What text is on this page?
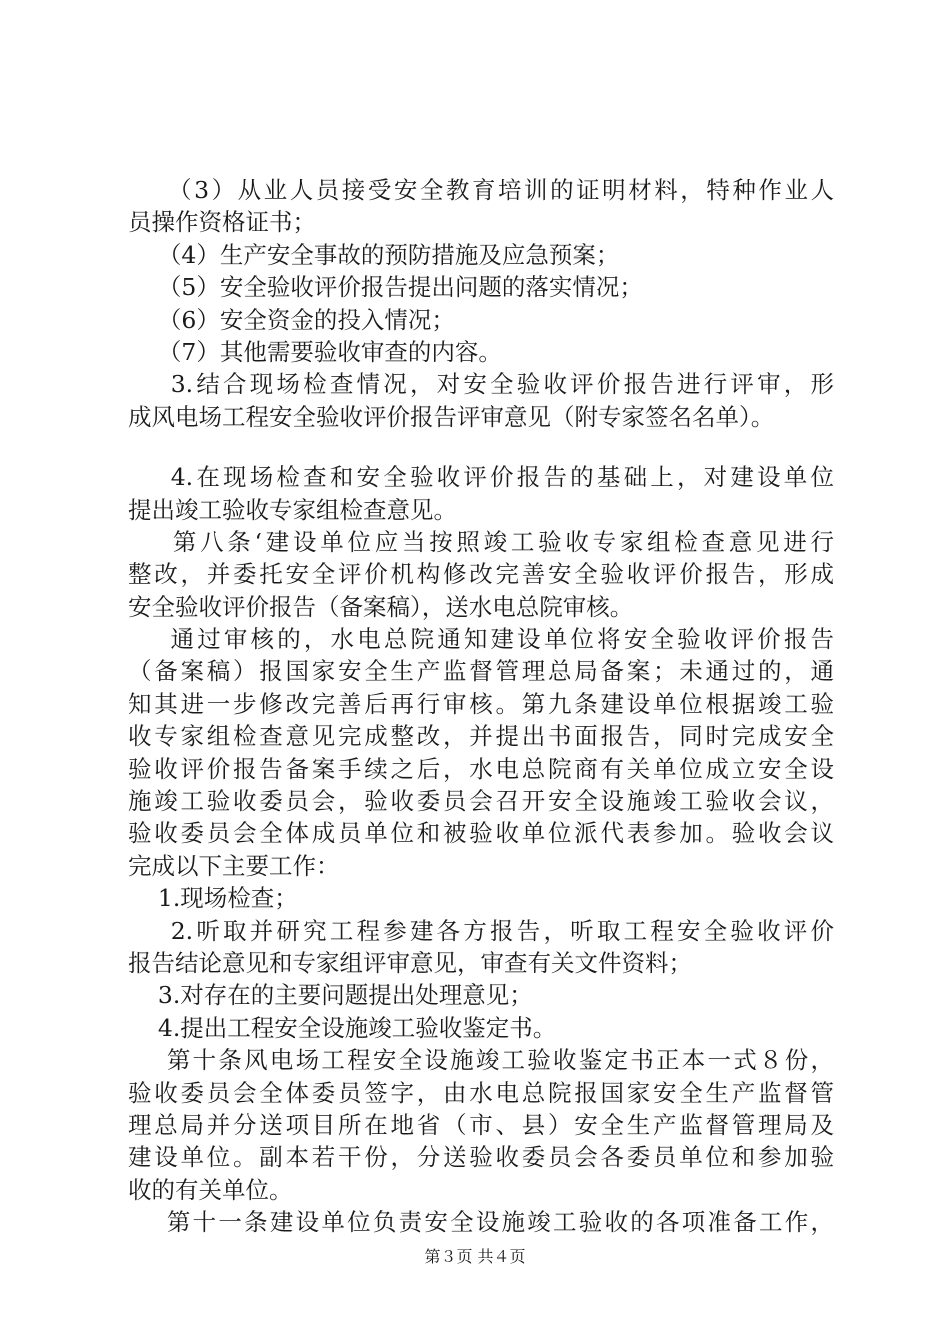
（3）从业人员接受安全教育培训的证明材料，特种作业人
员操作资格证书；
（4）生产安全事故的预防措施及应急预案；
（5）安全验收评价报告提出问题的落实情况；
（6）安全资金的投入情况；
（7）其他需要验收审查的内容。
3.结合现场检查情况，对安全验收评价报告进行评审，形
成风电场工程安全验收评价报告评审意见（附专家签名名单）。
4.在现场检查和安全验收评价报告的基础上，对建设单位
提出竣工验收专家组检查意见。
第八条‘建设单位应当按照竣工验收专家组检查意见进行
整改，并委托安全评价机构修改完善安全验收评价报告，形成
安全验收评价报告（备案稿），送水电总院审核。
通过审核的，水电总院通知建设单位将安全验收评价报告
（备案稿）报国家安全生产监督管理总局备案；未通过的，通
知其进一步修改完善后再行审核。第九条建设单位根据竣工验
收专家组检查意见完成整改，并提出书面报告，同时完成安全
验收评价报告备案手续之后，水电总院商有关单位成立安全设
施竣工验收委员会，验收委员会召开安全设施竣工验收会议，
验收委员会全体成员单位和被验收单位派代表参加。验收会议
完成以下主要工作：
1.现场检查；
2.听取并研究工程参建各方报告，听取工程安全验收评价
报告结论意见和专家组评审意见，审查有关文件资料；
3.对存在的主要问题提出处理意见；
4.提出工程安全设施竣工验收鉴定书。
第十条风电场工程安全设施竣工验收鉴定书正本一式８份，
验收委员会全体委员签字，由水电总院报国家安全生产监督管
理总局并分送项目所在地省（市、县）安全生产监督管理局及
建设单位。副本若干份，分送验收委员会各委员单位和参加验
收的有关单位。
第十一条建设单位负责安全设施竣工验收的各项准备工作，
第３页 共４页
